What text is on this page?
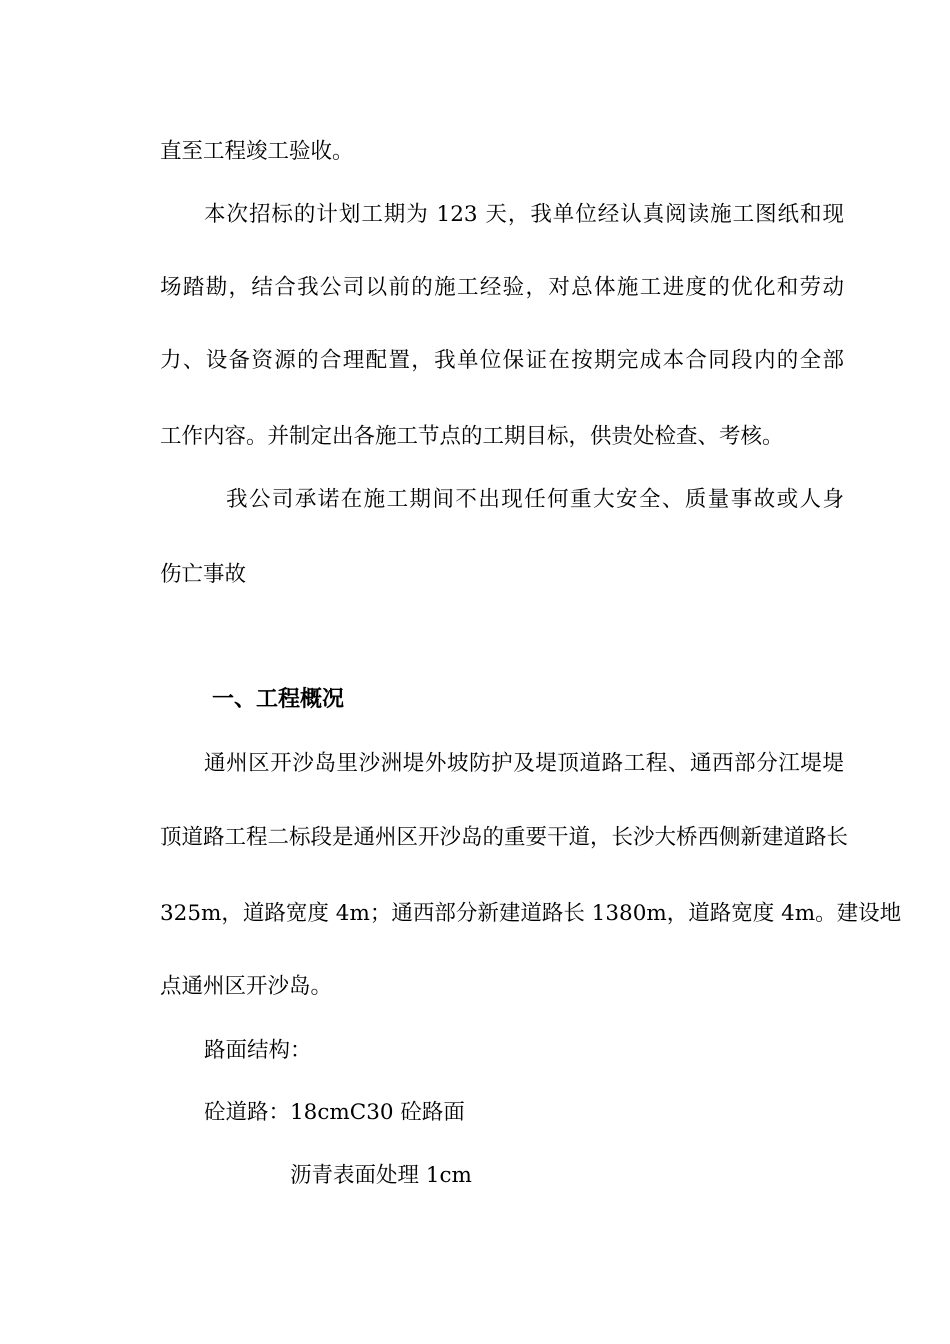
直至工程竣工验收。
本次招标的计划工期为 123 天，我单位经认真阅读施工图纸和现
场踏勘，结合我公司以前的施工经验，对总体施工进度的优化和劳动
力、设备资源的合理配置，我单位保证在按期完成本合同段内的全部
工作内容。并制定出各施工节点的工期目标，供贵处检查、考核。
我公司承诺在施工期间不出现任何重大安全、质量事故或人身
伤亡事故
一、工程概况
通州区开沙岛里沙洲堤外坡防护及堤顶道路工程、通西部分江堤堤
顶道路工程二标段是通州区开沙岛的重要干道，长沙大桥西侧新建道路长
325m，道路宽度 4m；通西部分新建道路长 1380m，道路宽度 4m。建设地
点通州区开沙岛。
路面结构：
砼道路：18cmC30 砼路面
沥青表面处理 1cm
